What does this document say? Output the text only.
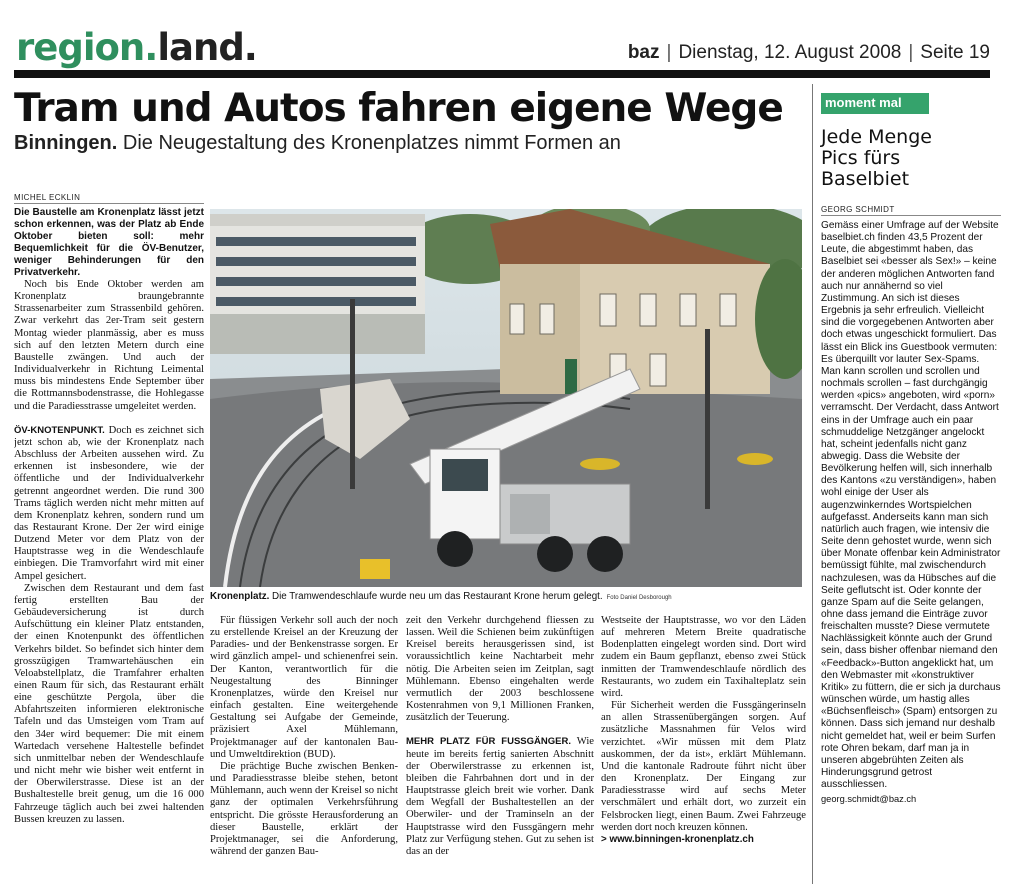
region.land.	baz | Dienstag, 12. August 2008 | Seite 19
Tram und Autos fahren eigene Wege
Binningen. Die Neugestaltung des Kronenplatzes nimmt Formen an
MICHEL ECKLIN

Die Baustelle am Kronenplatz lässt jetzt schon erkennen, was der Platz ab Ende Oktober bieten soll: mehr Bequemlichkeit für die ÖV-Benutzer, weniger Behinderungen für den Privatverkehr.

Noch bis Ende Oktober werden am Kronenplatz braungebrannte Strassenarbeiter zum Strassenbild gehören. Zwar verkehrt das 2er-Tram seit gestern Montag wieder planmässig, aber es muss sich auf den letzten Metern durch eine Baustelle zwängen. Und auch der Individualverkehr in Richtung Leimental muss bis mindestens Ende September über die Rottmannsbodenstrasse, die Hohlegasse und die Paradiesstrasse umgeleitet werden.

ÖV-KNOTENPUNKT. Doch es zeichnet sich jetzt schon ab, wie der Kronenplatz nach Abschluss der Arbeiten aussehen wird. Zu erkennen ist insbesondere, wie der öffentliche und der Individualverkehr getrennt angeordnet werden. Die rund 300 Trams täglich werden nicht mehr mitten auf dem Kronenplatz kehren, sondern rund um das Restaurant Krone. Der 2er wird einige Dutzend Meter vor dem Platz von der Hauptstrasse weg in die Wendeschlaufe einbiegen. Die Tramvorfahrt wird mit einer Ampel gesichert.

Zwischen dem Restaurant und dem fast fertig erstellten Bau der Gebäudeversicherung ist durch Aufschüttung ein kleiner Platz entstanden, der einen Knotenpunkt des öffentlichen Verkehrs bildet. So befindet sich hinter dem grosszügigen Tramwartehäuschen ein Veloabstellplatz, die Tramfahrer erhalten einen Raum für sich, das Restaurant erhält eine geschützte Pergola, über die Abfahrtszeiten informieren elektronische Tafeln und das Umsteigen vom Tram auf den 34er wird bequemer: Die mit einem Wartedach versehene Haltestelle befindet sich unmittelbar neben der Wendeschlaufe und nicht mehr wie bisher weit entfernt in der Oberwilerstrasse. Diese ist an der Bushaltestelle breit genug, um die 16 000 Fahrzeuge täglich auch bei zwei haltenden Bussen kreuzen zu lassen.

Kronenplatz. Die Tramwendeschlaufe wurde neu um das Restaurant Krone herum gelegt. Foto Daniel Desborough

Für flüssigen Verkehr soll auch der noch zu erstellende Kreisel an der Kreuzung der Paradies- und der Benkenstrasse sorgen. Er wird gänzlich ampel- und schienenfrei sein. Der Kanton, verantwortlich für die Neugestaltung des Binninger Kronenplatzes, würde den Kreisel nur einfach gestalten. Eine weitergehende Gestaltung sei Aufgabe der Gemeinde, präzisiert Axel Mühlemann, Projektmanager auf der kantonalen Bau- und Umweltdirektion (BUD).

Die prächtige Buche zwischen Benken- und Paradiesstrasse bleibe stehen, betont Mühlemann, auch wenn der Kreisel so nicht ganz der optimalen Verkehrsführung entspricht. Die grösste Herausforderung an dieser Baustelle, erklärt der Projektmanager, sei die Anforderung, während der ganzen Bau-

zeit den Verkehr durchgehend fliessen zu lassen. Weil die Schienen beim zukünftigen Kreisel bereits herausgerissen sind, ist voraussichtlich keine Nachtarbeit mehr nötig. Die Arbeiten seien im Zeitplan, sagt Mühlemann. Ebenso eingehalten werde vermutlich der 2003 beschlossene Kostenrahmen von 9,1 Millionen Franken, zusätzlich der Teuerung.

MEHR PLATZ FÜR FUSSGÄNGER. Wie heute im bereits fertig sanierten Abschnitt der Oberwilerstrasse zu erkennen ist, bleiben die Fahrbahnen dort und in der Hauptstrasse gleich breit wie vorher. Dank dem Wegfall der Bushaltestellen an der Oberwiler- und der Traminseln an der Hauptstrasse wird den Fussgängern mehr Platz zur Verfügung stehen. Gut zu sehen ist das an der

Westseite der Hauptstrasse, wo vor den Läden auf mehreren Metern Breite quadratische Bodenplatten eingelegt worden sind. Dort wird zudem ein Baum gepflanzt, ebenso zwei Stück inmitten der Tramwendeschlaufe nördlich des Restaurants, wo zudem ein Taxihalteplatz sein wird.

Für Sicherheit werden die Fussgängerinseln an allen Strassenübergängen sorgen. Auf zusätzliche Massnahmen für Velos wird verzichtet. «Wir müssen mit dem Platz auskommen, der da ist», erklärt Mühlemann. Und die kantonale Radroute führt nicht über den Kronenplatz. Der Eingang zur Paradiesstrasse wird auf sechs Meter verschmälert und erhält dort, wo zurzeit ein Felsbrocken liegt, einen Baum. Zwei Fahrzeuge werden dort noch kreuzen können.

> www.binningen-kronenplatz.ch

moment mal
Jede Menge
Pics fürs
Baselbiet
GEORG SCHMIDT

Gemäss einer Umfrage auf der Website baselbiet.ch finden 43,5 Prozent der Leute, die abgestimmt haben, das Baselbiet sei «besser als Sex!» – keine der anderen möglichen Antworten fand auch nur annähernd so viel Zustimmung. An sich ist dieses Ergebnis ja sehr erfreulich. Vielleicht sind die vorgegebenen Antworten aber doch etwas ungeschickt formuliert. Das lässt ein Blick ins Guestbook vermuten: Es überquillt vor lauter Sex-Spams. Man kann scrollen und scrollen und nochmals scrollen – fast durchgängig werden «pics» angeboten, wird «porn» verramscht. Der Verdacht, dass Antwort eins in der Umfrage auch ein paar schmuddelige Netzgänger angelockt hat, scheint jedenfalls nicht ganz abwegig. Dass die Website der Bevölkerung helfen will, sich innerhalb des Kantons «zu verständigen», haben wohl einige der User als augenzwinkerndes Wortspielchen aufgefasst. Anderseits kann man sich natürlich auch fragen, wie intensiv die Seite denn gehostet wurde, wenn sich über Monate offenbar kein Administrator bemüssigt fühlte, mal zwischendurch nachzulesen, was da Hübsches auf die Seite geflutscht ist. Oder konnte der ganze Spam auf die Seite gelangen, ohne dass jemand die Einträge zuvor freischalten musste? Diese vermutete Nachlässigkeit könnte auch der Grund sein, dass bisher offenbar niemand den «Feedback»-Button angeklickt hat, um den Webmaster mit «konstruktiver Kritik» zu füttern, die er sich ja durchaus wünschen würde, um hastig alles «Büchsenfleisch» (Spam) entsorgen zu können. Dass sich jemand nur deshalb nicht gemeldet hat, weil er beim Surfen rote Ohren bekam, darf man ja in unseren abgebrühten Zeiten als Hinderungsgrund getrost ausschliessen.

georg.schmidt@baz.ch
